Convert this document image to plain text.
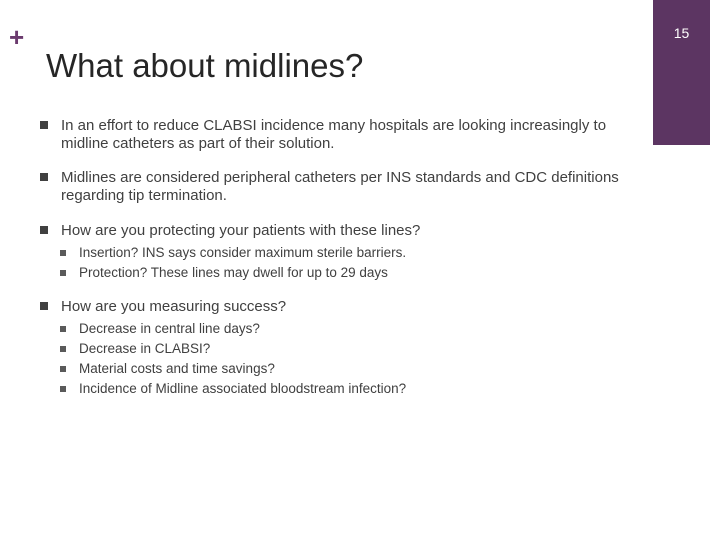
+
What about midlines?
15
In an effort to reduce CLABSI incidence many hospitals are looking increasingly to midline catheters as part of their solution.
Midlines are considered peripheral catheters per INS standards and CDC definitions regarding tip termination.
How are you protecting your patients with these lines?
Insertion? INS says consider maximum sterile barriers.
Protection? These lines may dwell for up to 29 days
How are you measuring success?
Decrease in central line days?
Decrease in CLABSI?
Material costs and time savings?
Incidence of Midline associated bloodstream infection?
